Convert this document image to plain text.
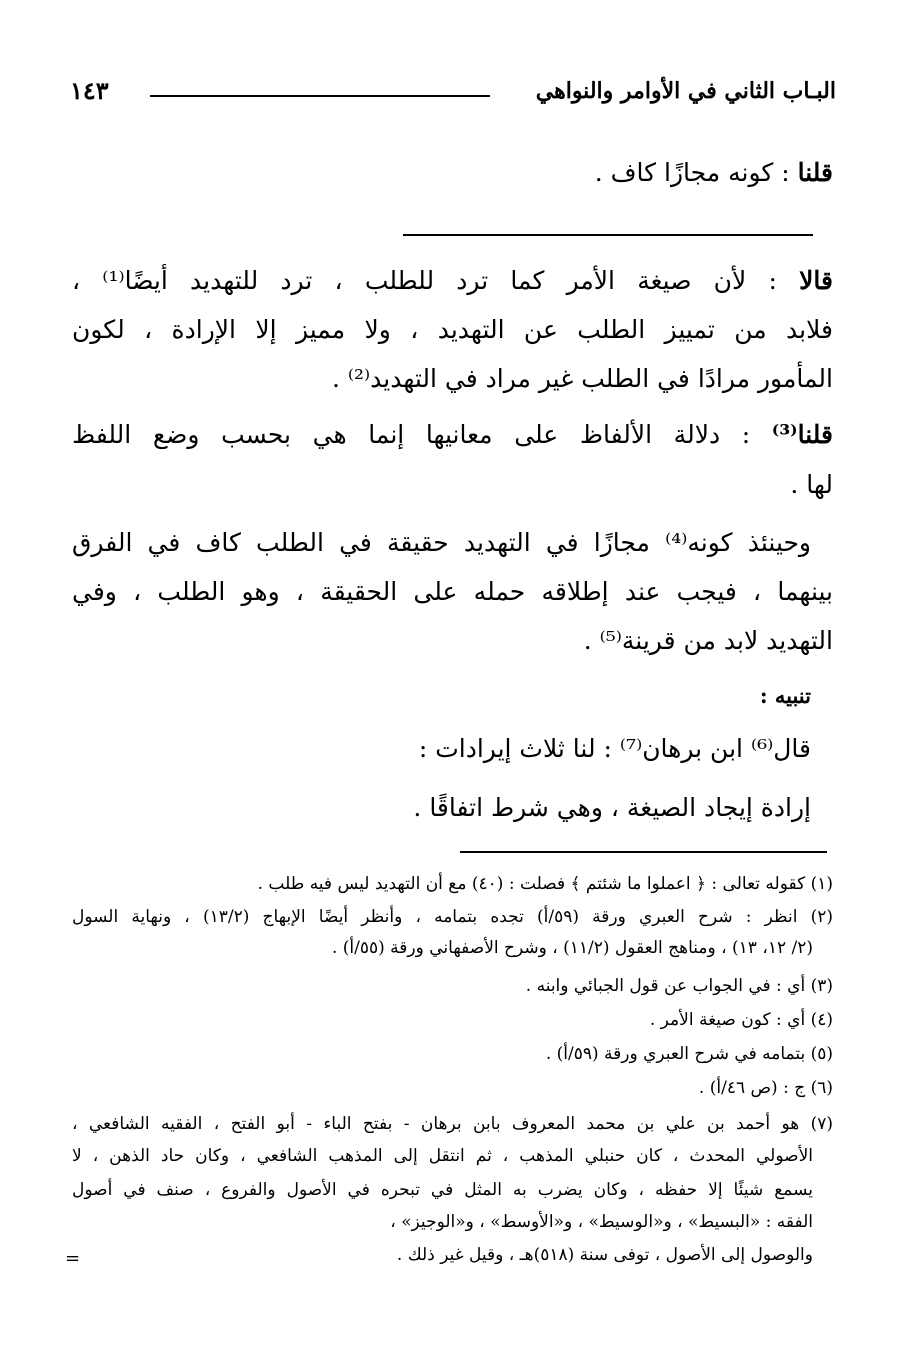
البـاب الثاني في الأوامر والنواهي
١٤٣
قلنا : كونه مجازًا كاف .
قالا : لأن صيغة الأمر كما ترد للطلب ، ترد للتهديد أيضًا⁽¹⁾ ،
فلابد من تمييز الطلب عن التهديد ، ولا مميز إلا الإرادة ، لكون
المأمور مرادًا في الطلب غير مراد في التهديد⁽²⁾ .
قلنا⁽³⁾ : دلالة الألفاظ على معانيها إنما هي بحسب وضع اللفظ
لها .
وحينئذ كونه⁽⁴⁾ مجازًا في التهديد حقيقة في الطلب كاف في الفرق
بينهما ، فيجب عند إطلاقه حمله على الحقيقة ، وهو الطلب ، وفي
التهديد لابد من قرينة⁽⁵⁾ .
تنبيه :
قال⁽⁶⁾ ابن برهان⁽⁷⁾ : لنا ثلاث إيرادات :
إرادة إيجاد الصيغة ، وهي شرط اتفاقًا .
(١) كقوله تعالى : ﴿ اعملوا ما شئتم ﴾ فصلت : (٤٠) مع أن التهديد ليس فيه طلب .
(٢) انظر : شرح العبري ورقة (٥٩/أ) تجده بتمامه ، وأنظر أيضًا الإبهاج (١٣/٢) ، ونهاية السول
(٢/ ١٢، ١٣) ، ومناهج العقول (١١/٢) ، وشرح الأصفهاني ورقة (٥٥/أ) .
(٣) أي : في الجواب عن قول الجبائي وابنه .
(٤) أي : كون صيغة الأمر .
(٥) بتمامه في شرح العبري ورقة (٥٩/أ) .
(٦) ج : (ص ٤٦/أ) .
(٧) هو أحمد بن علي بن محمد المعروف بابن برهان - بفتح الباء - أبو الفتح ، الفقيه الشافعي ،
الأصولي المحدث ، كان حنبلي المذهب ، ثم انتقل إلى المذهب الشافعي ، وكان حاد الذهن ، لا
يسمع شيئًا إلا حفظه ، وكان يضرب به المثل في تبحره في الأصول والفروع ، صنف في أصول
الفقه : «البسيط» ، و«الوسيط» ، و«الأوسط» ، و«الوجيز» ،
والوصول إلى الأصول ، توفى سنة (٥١٨)هـ ، وقيل غير ذلك .
=
